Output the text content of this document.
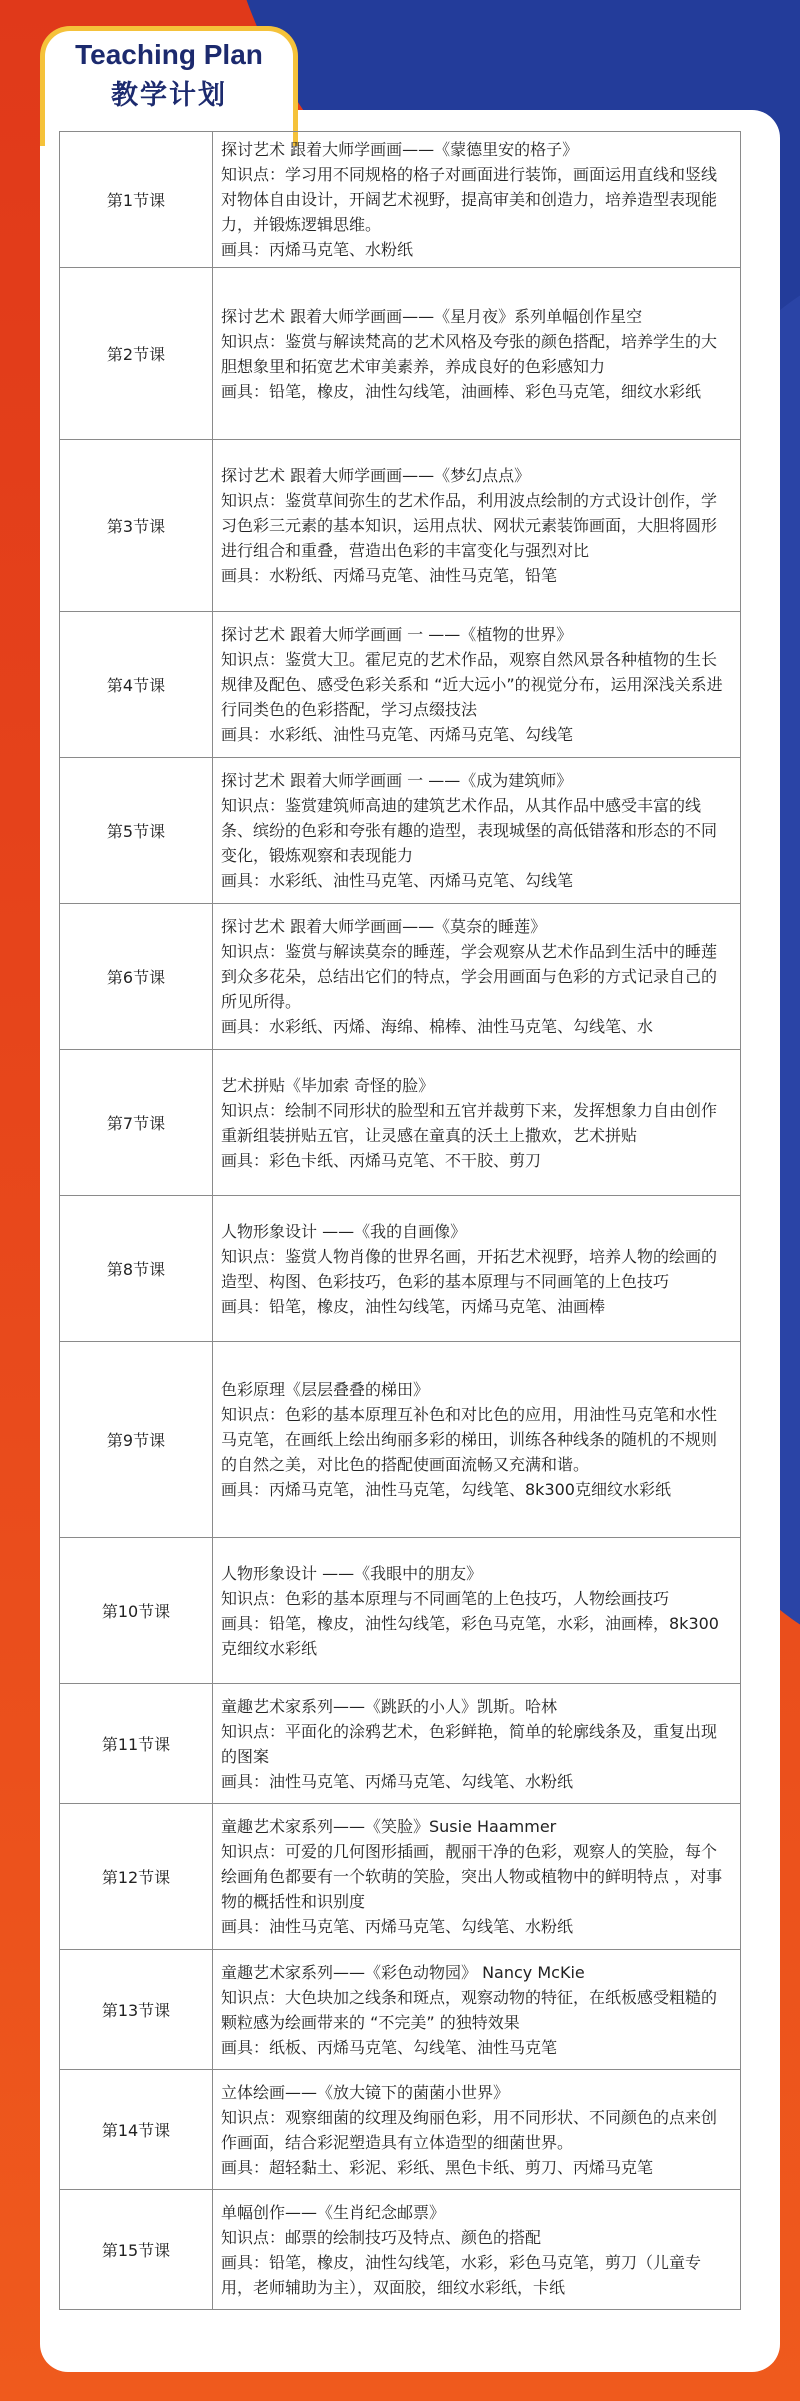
Teaching Plan
教学计划
第1节课	探讨艺术 跟着大师学画画——《蒙德里安的格子》
知识点：学习用不同规格的格子对画面进行装饰，画面运用直线和竖线对物体自由设计，开阔艺术视野，提高审美和创造力，培养造型表现能力，并锻炼逻辑思维。
画具：丙烯马克笔、水粉纸

第2节课	探讨艺术 跟着大师学画画——《星月夜》系列单幅创作星空
知识点：鉴赏与解读梵高的艺术风格及夸张的颜色搭配，培养学生的大胆想象里和拓宽艺术审美素养，养成良好的色彩感知力
画具：铅笔，橡皮，油性勾线笔，油画棒、彩色马克笔，细纹水彩纸

第3节课	探讨艺术 跟着大师学画画——《梦幻点点》
知识点：鉴赏草间弥生的艺术作品，利用波点绘制的方式设计创作，学习色彩三元素的基本知识，运用点状、网状元素装饰画面，大胆将圆形进行组合和重叠，营造出色彩的丰富变化与强烈对比
画具：水粉纸、丙烯马克笔、油性马克笔，铅笔

第4节课	探讨艺术 跟着大师学画画 一 ——《植物的世界》
知识点：鉴赏大卫。霍尼克的艺术作品，观察自然风景各种植物的生长规律及配色、感受色彩关系和 “近大远小”的视觉分布，运用深浅关系进行同类色的色彩搭配，学习点缀技法
画具：水彩纸、油性马克笔、丙烯马克笔、勾线笔

第5节课	探讨艺术 跟着大师学画画 一 ——《成为建筑师》
知识点：鉴赏建筑师高迪的建筑艺术作品，从其作品中感受丰富的线条、缤纷的色彩和夸张有趣的造型，表现城堡的高低错落和形态的不同变化，锻炼观察和表现能力
画具：水彩纸、油性马克笔、丙烯马克笔、勾线笔

第6节课	探讨艺术 跟着大师学画画——《莫奈的睡莲》
知识点：鉴赏与解读莫奈的睡莲，学会观察从艺术作品到生活中的睡莲到众多花朵，总结出它们的特点，学会用画面与色彩的方式记录自己的所见所得。
画具：水彩纸、丙烯、海绵、棉棒、油性马克笔、勾线笔、水

第7节课	艺术拼贴《毕加索 奇怪的脸》
知识点：绘制不同形状的脸型和五官并裁剪下来，发挥想象力自由创作 重新组装拼贴五官，让灵感在童真的沃土上撒欢，艺术拼贴
画具：彩色卡纸、丙烯马克笔、不干胶、剪刀

第8节课	人物形象设计 ——《我的自画像》
知识点：鉴赏人物肖像的世界名画，开拓艺术视野，培养人物的绘画的造型、构图、色彩技巧，色彩的基本原理与不同画笔的上色技巧
画具：铅笔，橡皮，油性勾线笔，丙烯马克笔、油画棒

第9节课	色彩原理《层层叠叠的梯田》
知识点：色彩的基本原理互补色和对比色的应用，用油性马克笔和水性马克笔，在画纸上绘出绚丽多彩的梯田，训练各种线条的随机的不规则的自然之美，对比色的搭配使画面流畅又充满和谐。
画具：丙烯马克笔，油性马克笔，勾线笔、8k300克细纹水彩纸

第10节课	人物形象设计 ——《我眼中的朋友》
知识点：色彩的基本原理与不同画笔的上色技巧，人物绘画技巧
画具：铅笔，橡皮，油性勾线笔，彩色马克笔，水彩，油画棒，8k300克细纹水彩纸

第11节课	童趣艺术家系列——《跳跃的小人》凯斯。哈林
知识点：平面化的涂鸦艺术，色彩鲜艳，简单的轮廓线条及，重复出现的图案
画具：油性马克笔、丙烯马克笔、勾线笔、水粉纸

第12节课	童趣艺术家系列——《笑脸》Susie Haammer
知识点：可爱的几何图形插画，靓丽干净的色彩，观察人的笑脸，每个绘画角色都要有一个软萌的笑脸，突出人物或植物中的鲜明特点 ，对事物的概括性和识别度
画具：油性马克笔、丙烯马克笔、勾线笔、水粉纸

第13节课	童趣艺术家系列——《彩色动物园》 Nancy McKie
知识点：大色块加之线条和斑点，观察动物的特征，在纸板感受粗糙的颗粒感为绘画带来的 “不完美” 的独特效果
画具：纸板、丙烯马克笔、勾线笔、油性马克笔

第14节课	立体绘画——《放大镜下的菌菌小世界》
知识点：观察细菌的纹理及绚丽色彩，用不同形状、不同颜色的点来创作画面，结合彩泥塑造具有立体造型的细菌世界。
画具：超轻黏土、彩泥、彩纸、黑色卡纸、剪刀、丙烯马克笔

第15节课	单幅创作——《生肖纪念邮票》
知识点：邮票的绘制技巧及特点、颜色的搭配
画具：铅笔，橡皮，油性勾线笔，水彩，彩色马克笔，剪刀（儿童专用，老师辅助为主），双面胶，细纹水彩纸，卡纸
